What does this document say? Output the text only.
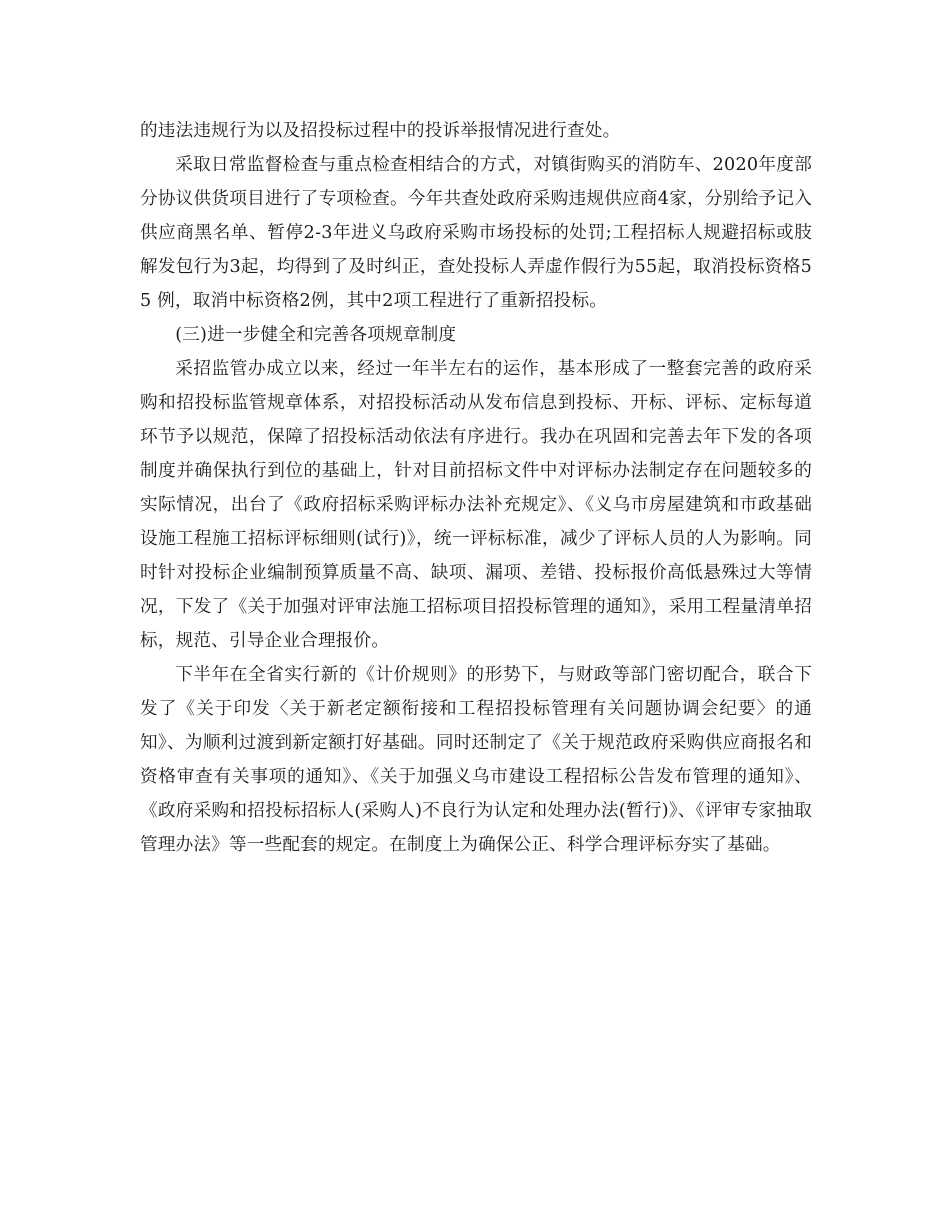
的违法违规行为以及招投标过程中的投诉举报情况进行查处。

采取日常监督检查与重点检查相结合的方式，对镇街购买的消防车、2020年度部分协议供货项目进行了专项检查。今年共查处政府采购违规供应商4家，分别给予记入供应商黑名单、暂停2-3年进义乌政府采购市场投标的处罚;工程招标人规避招标或肢解发包行为3起，均得到了及时纠正，查处投标人弄虚作假行为55起，取消投标资格55 例，取消中标资格2例，其中2项工程进行了重新招投标。

(三)进一步健全和完善各项规章制度

采招监管办成立以来，经过一年半左右的运作，基本形成了一整套完善的政府采购和招投标监管规章体系，对招投标活动从发布信息到投标、开标、评标、定标每道环节予以规范，保障了招投标活动依法有序进行。我办在巩固和完善去年下发的各项制度并确保执行到位的基础上，针对目前招标文件中对评标办法制定存在问题较多的实际情况，出台了《政府招标采购评标办法补充规定》、《义乌市房屋建筑和市政基础设施工程施工招标评标细则(试行)》，统一评标标准，减少了评标人员的人为影响。同时针对投标企业编制预算质量不高、缺项、漏项、差错、投标报价高低悬殊过大等情况，下发了《关于加强对评审法施工招标项目招投标管理的通知》，采用工程量清单招标，规范、引导企业合理报价。

下半年在全省实行新的《计价规则》的形势下，与财政等部门密切配合，联合下发了《关于印发〈关于新老定额衔接和工程招投标管理有关问题协调会纪要〉的通知》、为顺利过渡到新定额打好基础。同时还制定了《关于规范政府采购供应商报名和资格审查有关事项的通知》、《关于加强义乌市建设工程招标公告发布管理的通知》、《政府采购和招投标招标人(采购人)不良行为认定和处理办法(暂行)》、《评审专家抽取管理办法》等一些配套的规定。在制度上为确保公正、科学合理评标夯实了基础。
